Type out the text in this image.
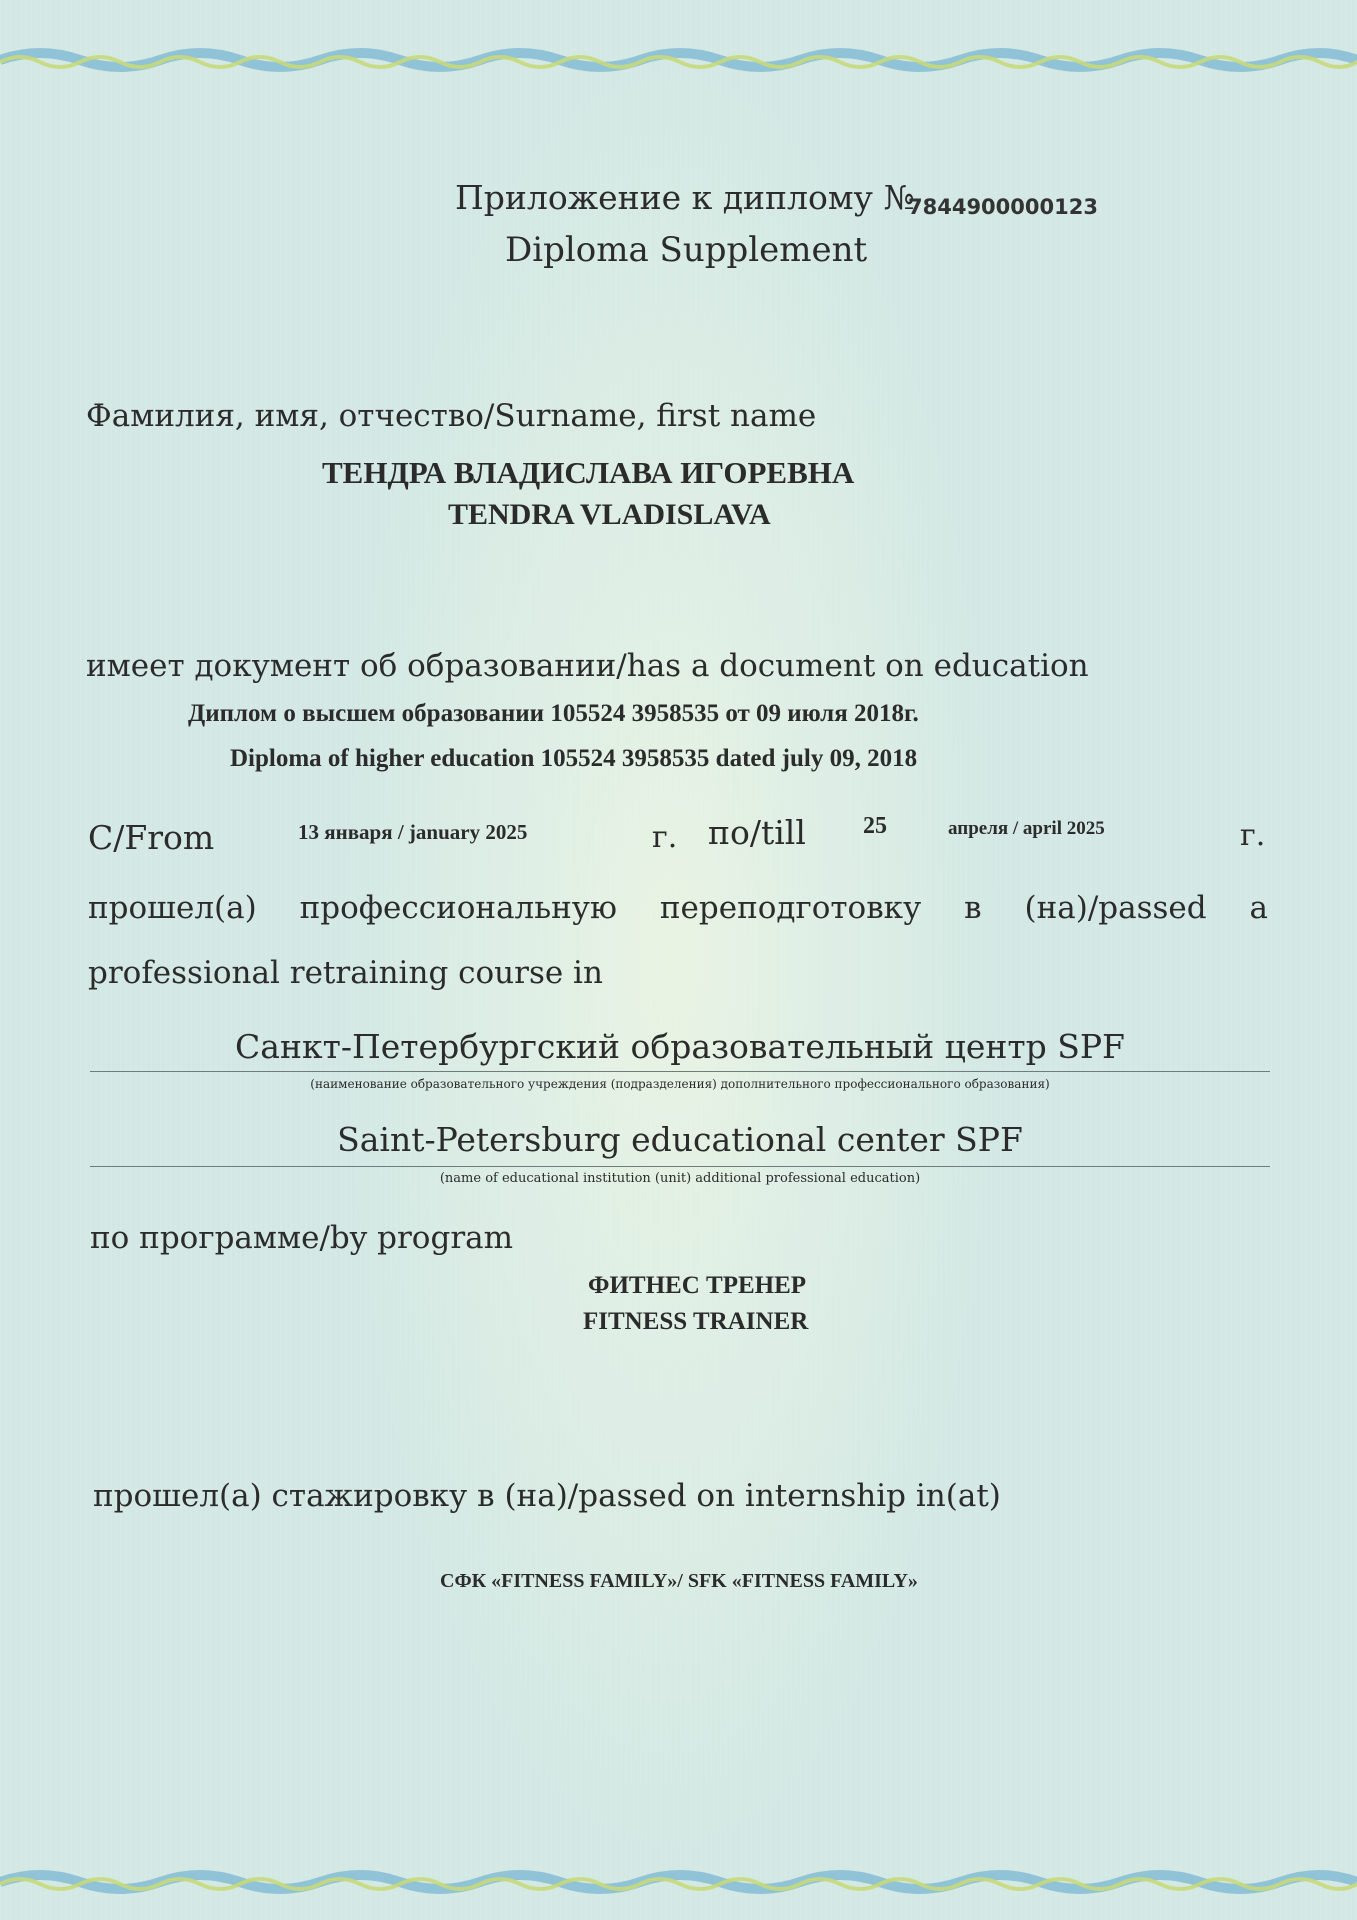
Приложение к диплому №
7844900000123
Diploma Supplement
Фамилия, имя, отчество/Surname, first name
ТЕНДРА ВЛАДИСЛАВА ИГОРЕВНА
TENDRA VLADISLAVA
имеет документ об образовании/has a document on education
Диплом о высшем образовании 105524 3958535 от 09 июля 2018г.
Diploma of higher education 105524 3958535 dated july 09, 2018
С/From	13 января / january 2025	г. по/till 25	апреля / april 2025	г.
прошел(а) профессиональную переподготовку в (на)/passed a
professional retraining course in
Санкт-Петербургский образовательный центр SPF
(наименование образовательного учреждения (подразделения) дополнительного профессионального образования)
Saint-Petersburg educational center SPF
(name of educational institution (unit) additional professional education)
по программе/by program
ФИТНЕС ТРЕНЕР
FITNESS TRAINER
прошел(а) стажировку в (на)/passed on internship in(at)
СФК «FITNESS FAMILY»/ SFK «FITNESS FAMILY»
